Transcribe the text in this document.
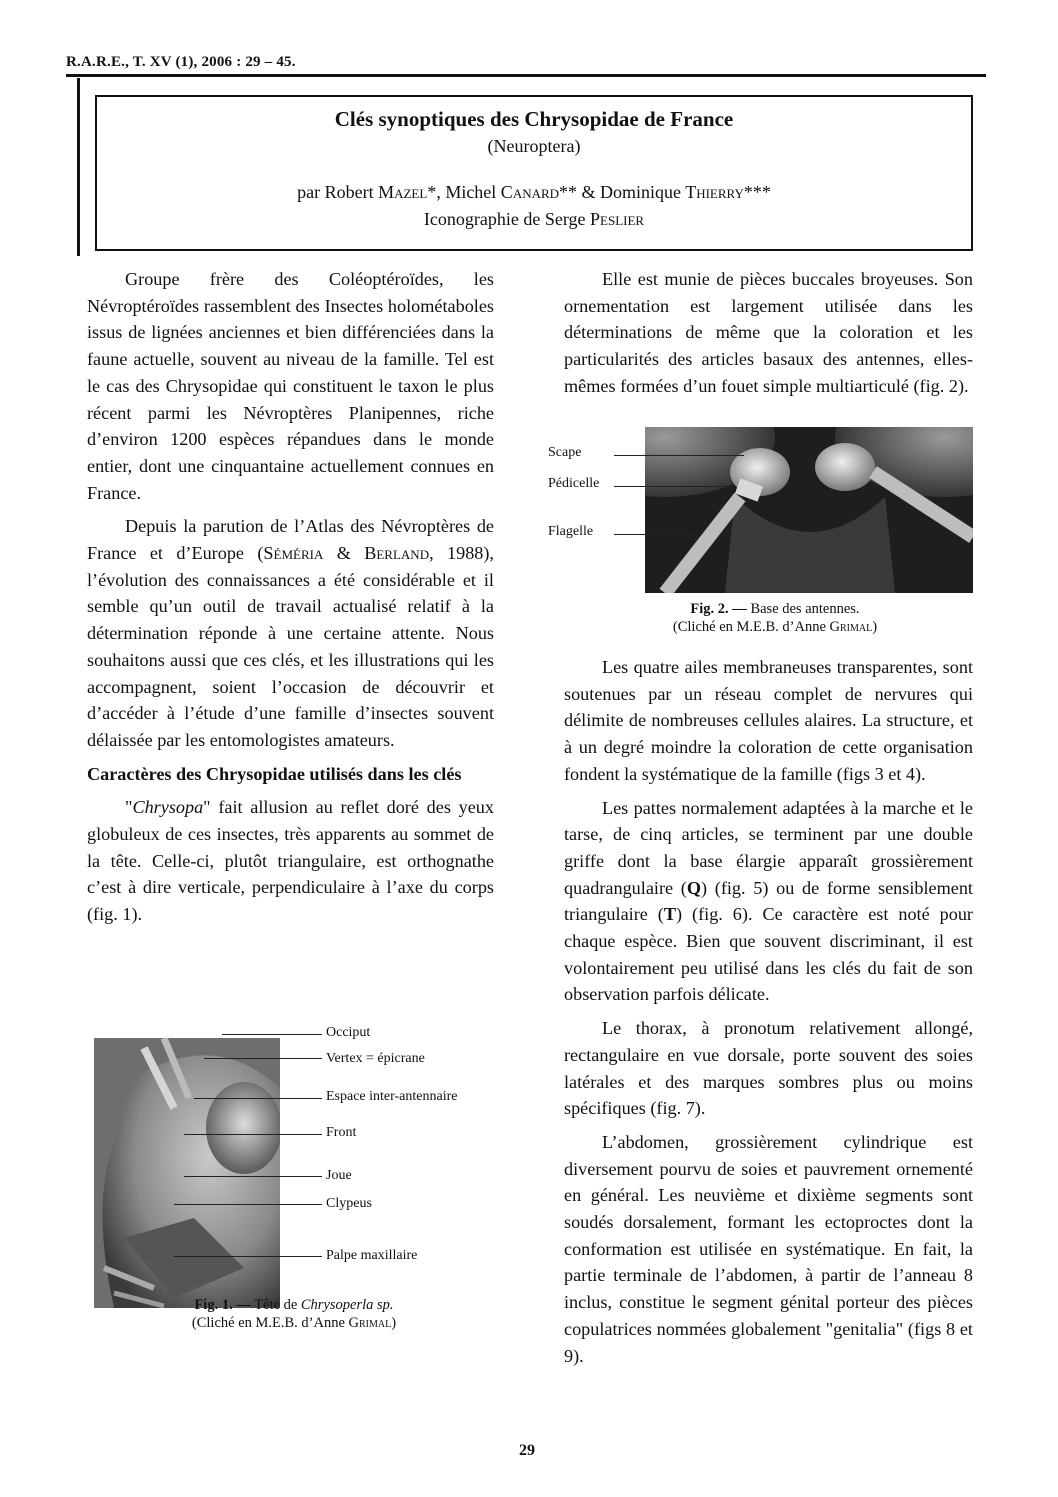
R.A.R.E., T. XV (1), 2006 : 29 – 45.
Clés synoptiques des Chrysopidae de France
(Neuroptera)
par Robert Mazel*, Michel Canard** & Dominique Thierry***
Iconographie de Serge Peslier

Groupe frère des Coléoptéroïdes, les Névroptéroïdes rassemblent des Insectes holométaboles issus de lignées anciennes et bien différenciées dans la faune actuelle, souvent au niveau de la famille. Tel est le cas des Chrysopidae qui constituent le taxon le plus récent parmi les Névroptères Planipennes, riche d’environ 1200 espèces répandues dans le monde entier, dont une cinquantaine actuellement connues en France.

Depuis la parution de l’Atlas des Névroptères de France et d’Europe (Séméria & Berland, 1988), l’évolution des connaissances a été considérable et il semble qu’un outil de travail actualisé relatif à la détermination réponde à une certaine attente. Nous souhaitons aussi que ces clés, et les illustrations qui les accompagnent, soient l’occasion de découvrir et d’accéder à l’étude d’une famille d’insectes souvent délaissée par les entomologistes amateurs.

Caractères des Chrysopidae utilisés dans les clés

"Chrysopa" fait allusion au reflet doré des yeux globuleux de ces insectes, très apparents au sommet de la tête. Celle-ci, plutôt triangulaire, est orthognathe c’est à dire verticale, perpendiculaire à l’axe du corps (fig. 1).

Occiput
Vertex = épicrane
Espace inter-antennaire
Front
Joue
Clypeus
Palpe maxillaire
Fig. 1. — Tête de Chrysoperla sp.
(Cliché en M.E.B. d’Anne Grimal)

Elle est munie de pièces buccales broyeuses. Son ornementation est largement utilisée dans les déterminations de même que la coloration et les particularités des articles basaux des antennes, elles-mêmes formées d’un fouet simple multiarticulé (fig. 2).

Scape
Pédicelle
Flagelle
Fig. 2. — Base des antennes.
(Cliché en M.E.B. d’Anne Grimal)

Les quatre ailes membraneuses transparentes, sont soutenues par un réseau complet de nervures qui délimite de nombreuses cellules alaires. La structure, et à un degré moindre la coloration de cette organisation fondent la systématique de la famille (figs 3 et 4).

Les pattes normalement adaptées à la marche et le tarse, de cinq articles, se terminent par une double griffe dont la base élargie apparaît grossièrement quadrangulaire (Q) (fig. 5) ou de forme sensiblement triangulaire (T) (fig. 6). Ce caractère est noté pour chaque espèce. Bien que souvent discriminant, il est volontairement peu utilisé dans les clés du fait de son observation parfois délicate.

Le thorax, à pronotum relativement allongé, rectangulaire en vue dorsale, porte souvent des soies latérales et des marques sombres plus ou moins spécifiques (fig. 7).

L’abdomen, grossièrement cylindrique est diversement pourvu de soies et pauvrement ornementé en général. Les neuvième et dixième segments sont soudés dorsalement, formant les ectoproctes dont la conformation est utilisée en systématique. En fait, la partie terminale de l’abdomen, à partir de l’anneau 8 inclus, constitue le segment génital porteur des pièces copulatrices nommées globalement "genitalia" (figs 8 et 9).

29
